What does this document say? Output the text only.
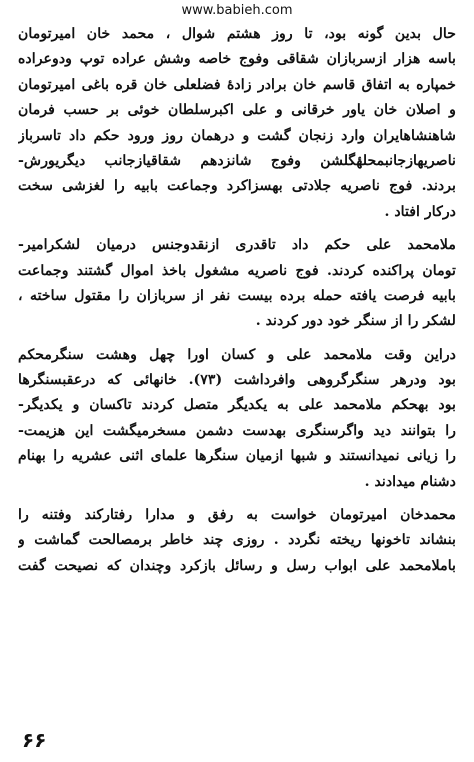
www.babieh.com
حال بدین گونه بود، تا روز هشتم شوال ، محمد خان امیرتومان
باسه هزار ازسربازان شقاقی وفوج خاصه وشش عراده توپ ودوعراده
خمپاره به اتفاق قاسم خان برادر زادهٔ فضلعلی خان قره باغی امیرتومان
و اصلان خان یاور خرقانی و علی اکبرسلطان خوئی بر حسب فرمان
شاهنشاهایران وارد زنجان گشت و درهمان روز ورود حکم داد تاسرباز
ناصریهازجانبمحلهٔگلشن وفوج شانزدهم شقاقیازجانب دیگریورش-
بردند. فوج ناصریه جلادتی بهسزاکرد وجماعت بابیه را لغزشی سخت
درکار افتاد .
ملامحمد علی حکم داد تاقدری ازنقدوجنس درمیان لشکرامیر-
تومان پراکنده کردند. فوج ناصریه مشغول باخذ اموال گشتند وجماعت
بابیه فرصت یافته حمله برده بیست نفر از سربازان را مقتول ساخته ،
لشکر را از سنگر خود دور کردند .
دراین وقت ملامحمد علی و کسان اورا چهل وهشت سنگرمحکم
بود ودرهر سنگرگروهی وافرداشت (۷۳). خانهائی که درعقبسنگرها
بود بهحکم ملامحمد علی به یکدیگر متصل کردند تاکسان و یکدیگر-
را بتوانند دید واگرسنگری بهدست دشمن مسخرمیگشت این هزیمت-
را زیانی نمیدانستند و شبها ازمیان سنگرها علمای اثنی عشریه را بهنام
دشنام میدادند .
محمدخان امیرتومان خواست به رفق و مدارا رفتارکند وفتنه را
بنشاند تاخونها ریخته نگردد . روزی چند خاطر برمصالحت گماشت و
باملامحمد علی ابواب رسل و رسائل بازکرد وچندان که نصیحت گفت
۶۶
